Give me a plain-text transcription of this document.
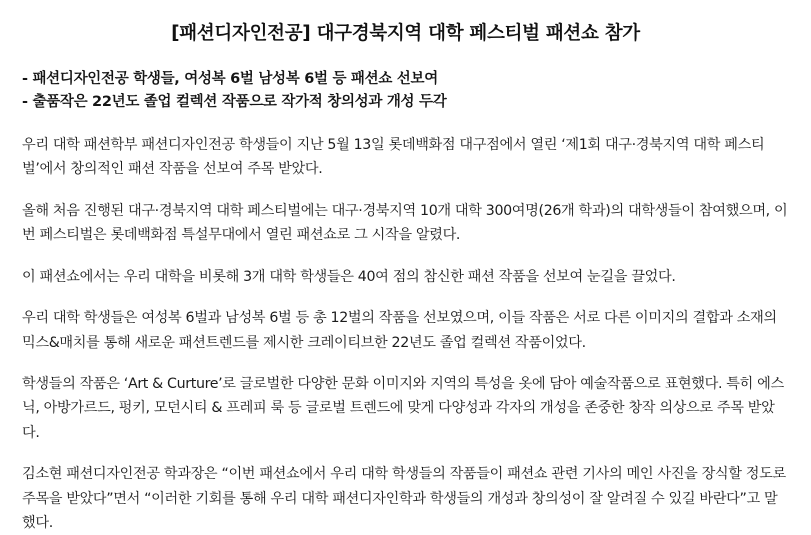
[패션디자인전공] 대구경북지역 대학 페스티벌 패션쇼 참가
- 패션디자인전공 학생들, 여성복 6벌 남성복 6벌 등 패션쇼 선보여
- 출품작은 22년도 졸업 컬렉션 작품으로 작가적 창의성과 개성 두각

우리 대학 패션학부 패션디자인전공 학생들이 지난 5월 13일 롯데백화점 대구점에서 열린 ‘제1회 대구·경북지역 대학 페스티벌’에서 창의적인 패션 작품을 선보여 주목 받았다.

올해 처음 진행된 대구·경북지역 대학 페스티벌에는 대구·경북지역 10개 대학 300여명(26개 학과)의 대학생들이 참여했으며, 이번 페스티벌은 롯데백화점 특설무대에서 열린 패션쇼로 그 시작을 알렸다.

이 패션쇼에서는 우리 대학을 비롯해 3개 대학 학생들은 40여 점의 참신한 패션 작품을 선보여 눈길을 끌었다.

우리 대학 학생들은 여성복 6벌과 남성복 6벌 등 총 12벌의 작품을 선보였으며, 이들 작품은 서로 다른 이미지의 결합과 소재의 믹스&매치를 통해 새로운 패션트렌드를 제시한 크레이티브한 22년도 졸업 컬렉션 작품이었다.

학생들의 작품은 ‘Art & Curture’로 글로벌한 다양한 문화 이미지와 지역의 특성을 옷에 담아 예술작품으로 표현했다. 특히 에스닉, 아방가르드, 펑키, 모던시티 & 프레피 룩 등 글로벌 트렌드에 맞게 다양성과 각자의 개성을 존중한 창작 의상으로 주목 받았다.

김소현 패션디자인전공 학과장은 “이번 패션쇼에서 우리 대학 학생들의 작품들이 패션쇼 관련 기사의 메인 사진을 장식할 정도로 주목을 받았다”면서 “이러한 기회를 통해 우리 대학 패션디자인학과 학생들의 개성과 창의성이 잘 알려질 수 있길 바란다”고 말했다.
